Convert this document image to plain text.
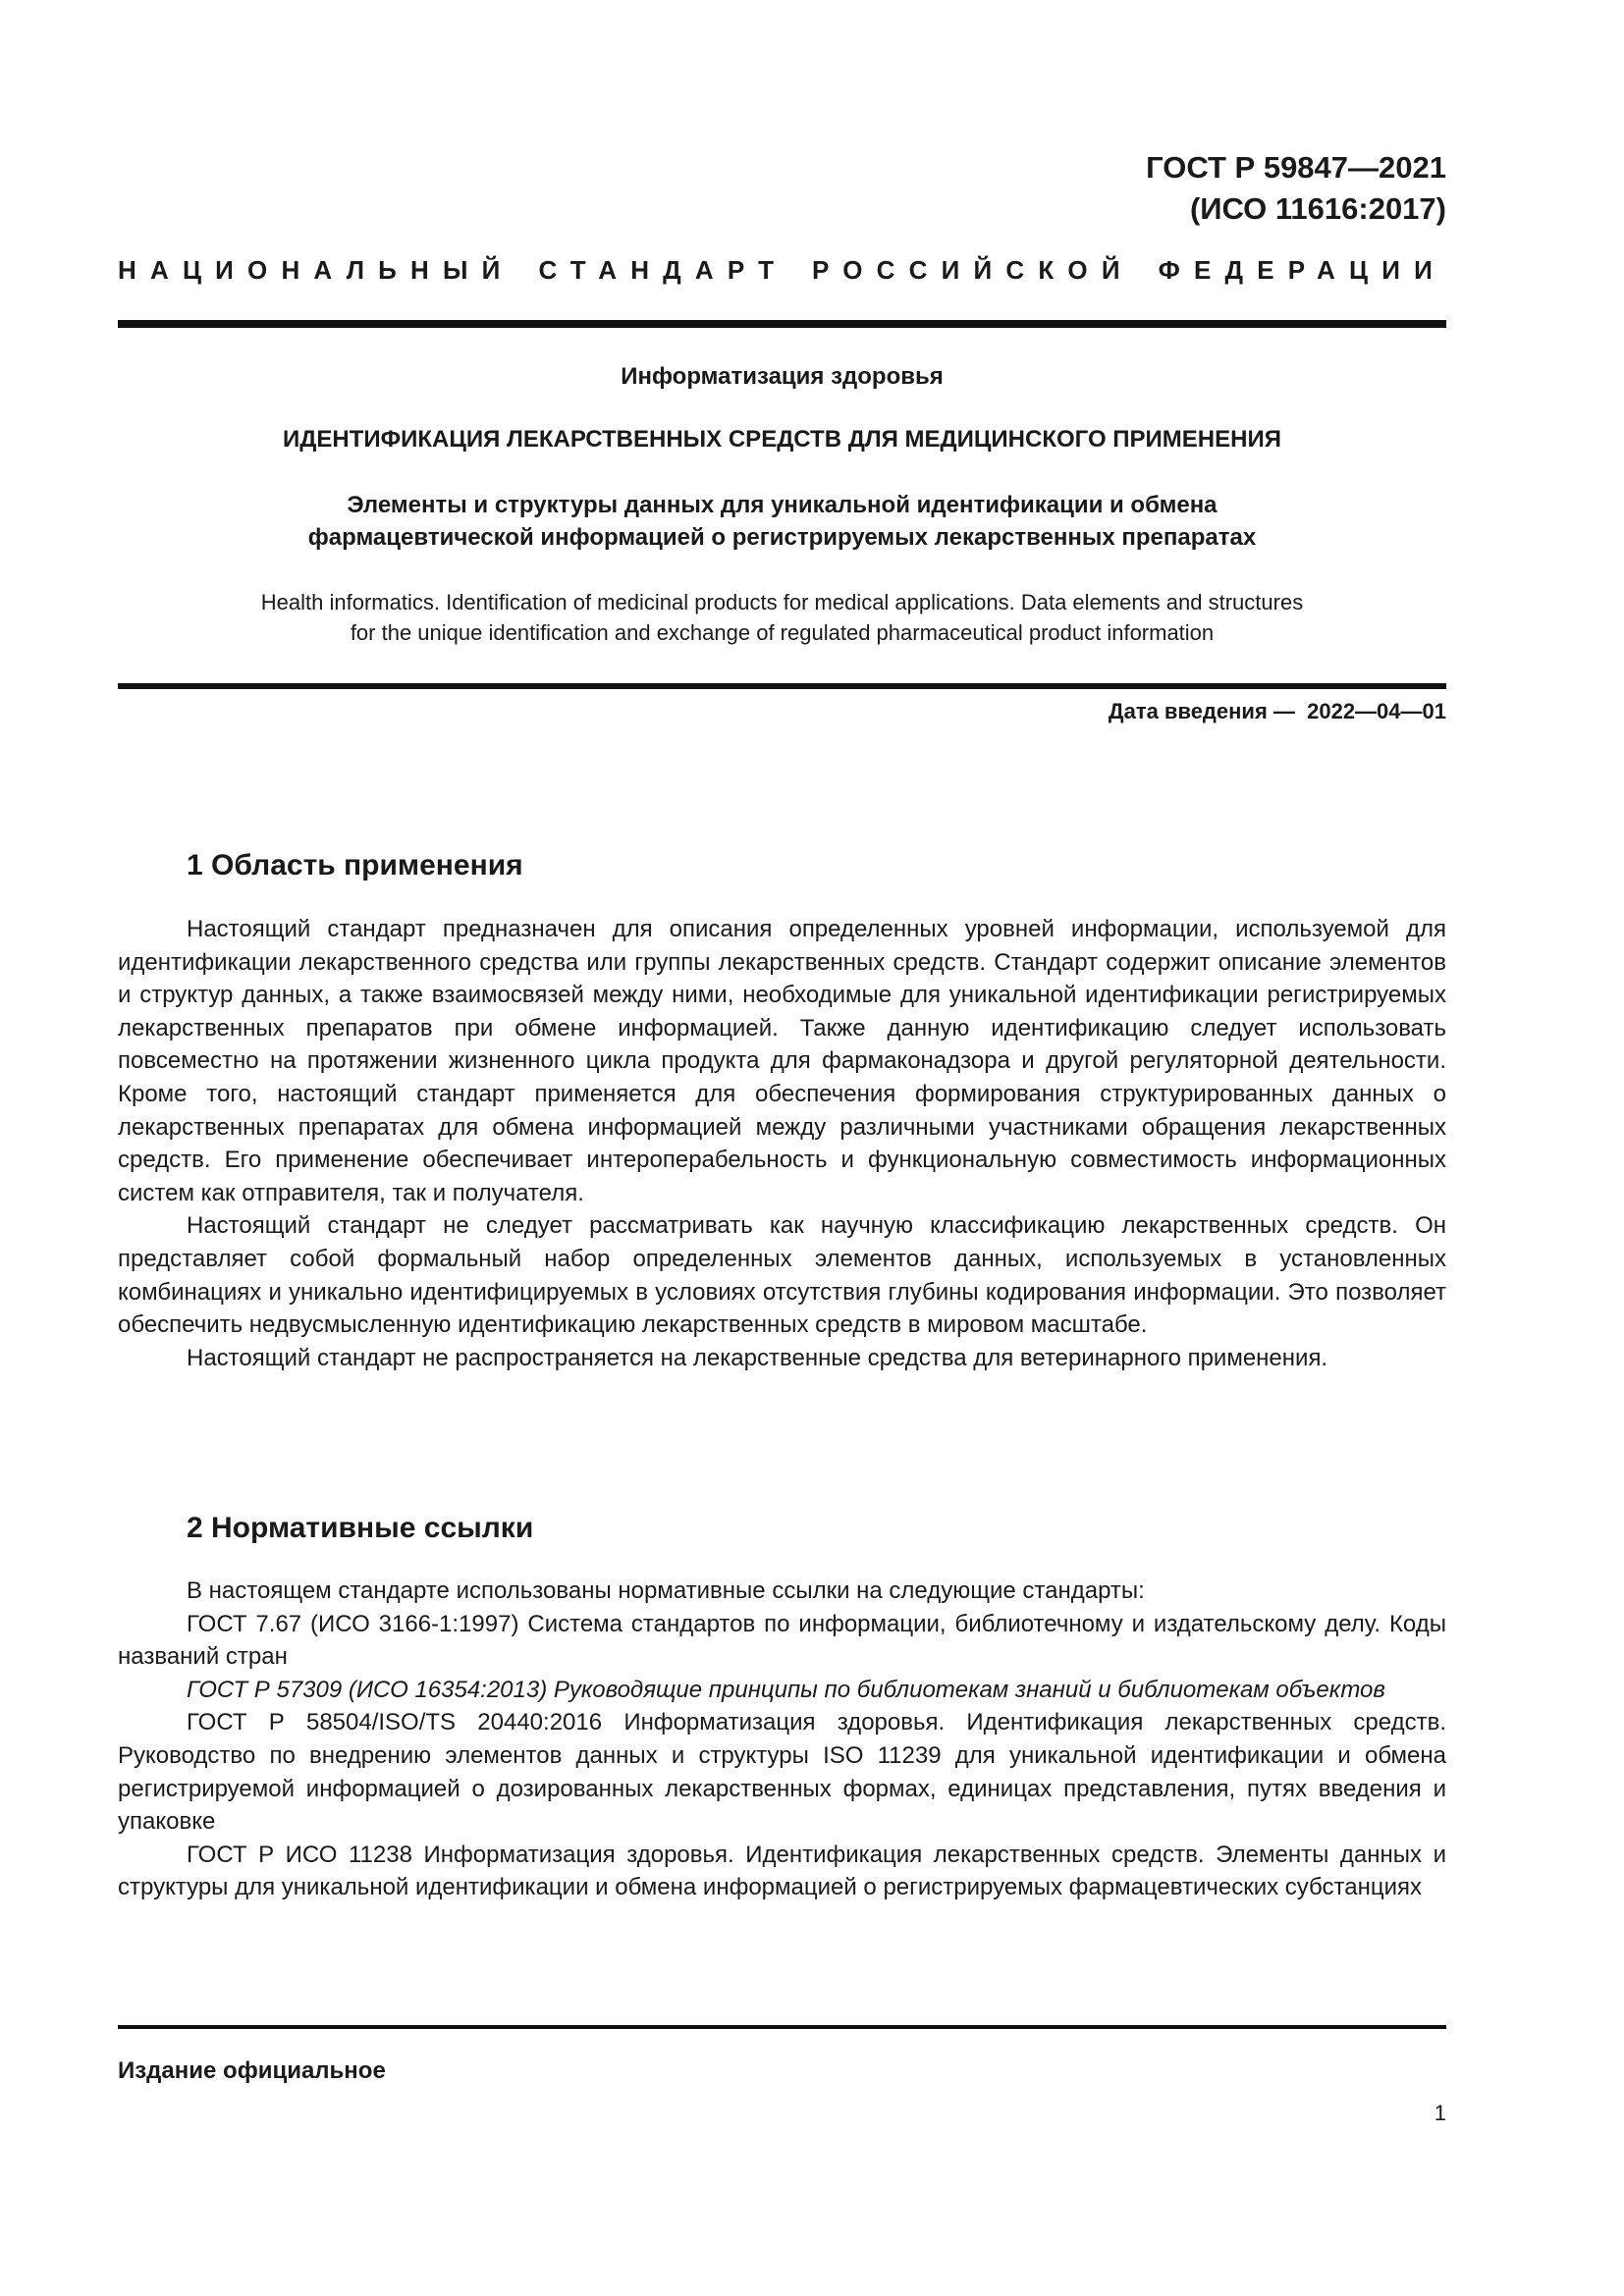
ГОСТ Р 59847—2021
(ИСО 11616:2017)
НАЦИОНАЛЬНЫЙ СТАНДАРТ РОССИЙСКОЙ ФЕДЕРАЦИИ
Информатизация здоровья
ИДЕНТИФИКАЦИЯ ЛЕКАРСТВЕННЫХ СРЕДСТВ ДЛЯ МЕДИЦИНСКОГО ПРИМЕНЕНИЯ
Элементы и структуры данных для уникальной идентификации и обмена
фармацевтической информацией о регистрируемых лекарственных препаратах
Health informatics. Identification of medicinal products for medical applications. Data elements and structures
for the unique identification and exchange of regulated pharmaceutical product information
Дата введения —  2022—04—01
1 Область применения

Настоящий стандарт предназначен для описания определенных уровней информации, используемой для идентификации лекарственного средства или группы лекарственных средств. Стандарт содержит описание элементов и структур данных, а также взаимосвязей между ними, необходимые для уникальной идентификации регистрируемых лекарственных препаратов при обмене информацией. Также данную идентификацию следует использовать повсеместно на протяжении жизненного цикла продукта для фармаконадзора и другой регуляторной деятельности. Кроме того, настоящий стандарт применяется для обеспечения формирования структурированных данных о лекарственных препаратах для обмена информацией между различными участниками обращения лекарственных средств. Его применение обеспечивает интероперабельность и функциональную совместимость информационных систем как отправителя, так и получателя.

Настоящий стандарт не следует рассматривать как научную классификацию лекарственных средств. Он представляет собой формальный набор определенных элементов данных, используемых в установленных комбинациях и уникально идентифицируемых в условиях отсутствия глубины кодирования информации. Это позволяет обеспечить недвусмысленную идентификацию лекарственных средств в мировом масштабе.

Настоящий стандарт не распространяется на лекарственные средства для ветеринарного применения.

2 Нормативные ссылки

В настоящем стандарте использованы нормативные ссылки на следующие стандарты:

ГОСТ 7.67 (ИСО 3166-1:1997) Система стандартов по информации, библиотечному и издательскому делу. Коды названий стран

ГОСТ Р 57309 (ИСО 16354:2013) Руководящие принципы по библиотекам знаний и библиотекам объектов

ГОСТ Р 58504/ISO/TS 20440:2016 Информатизация здоровья. Идентификация лекарственных средств. Руководство по внедрению элементов данных и структуры ISO 11239 для уникальной идентификации и обмена регистрируемой информацией о дозированных лекарственных формах, единицах представления, путях введения и упаковке

ГОСТ Р ИСО 11238 Информатизация здоровья. Идентификация лекарственных средств. Элементы данных и структуры для уникальной идентификации и обмена информацией о регистрируемых фармацевтических субстанциях

Издание официальное
1
